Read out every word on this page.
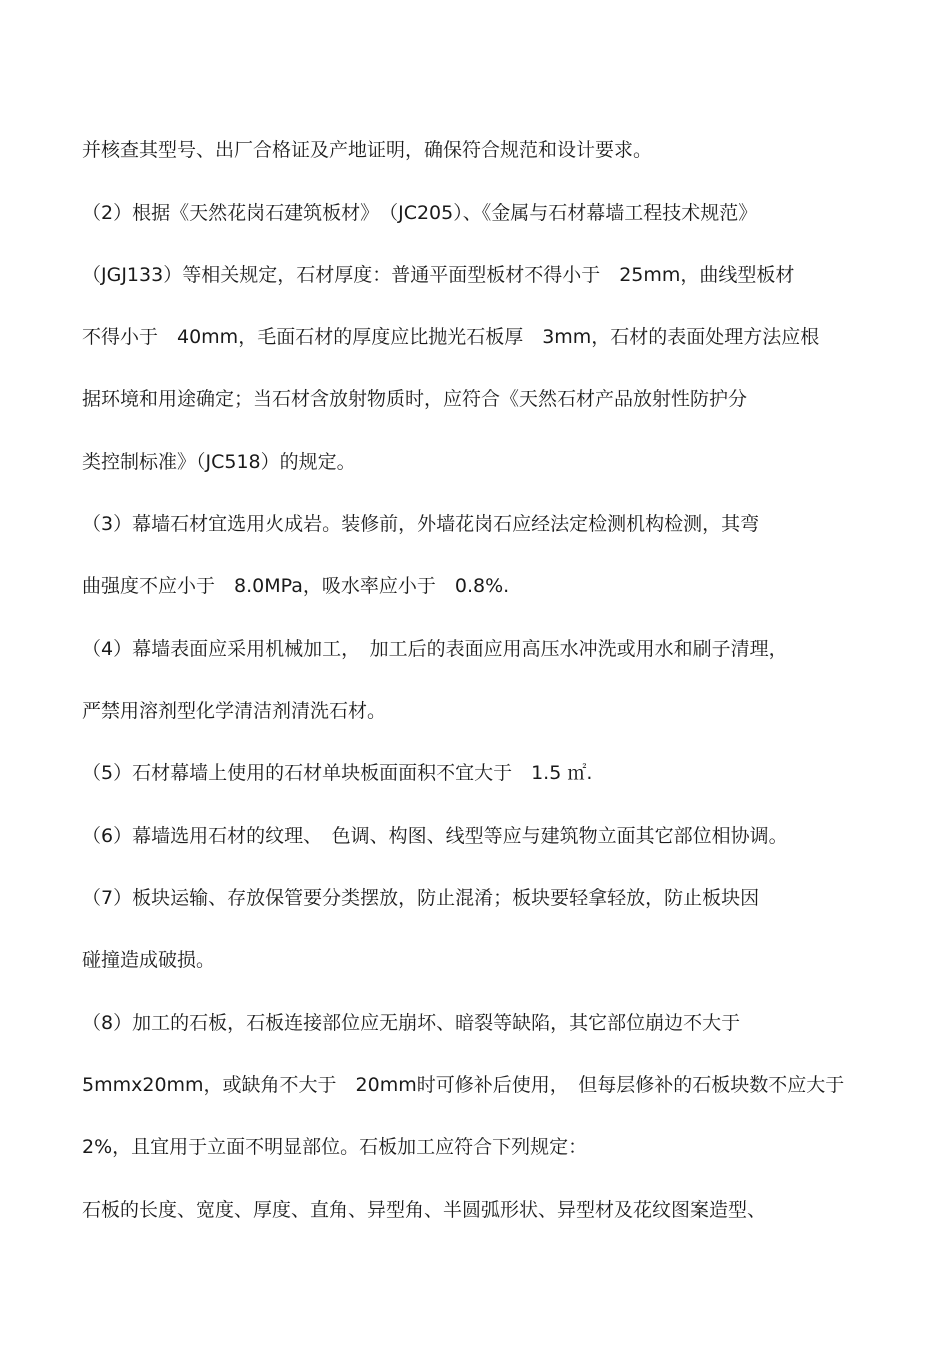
并核查其型号、出厂合格证及产地证明，确保符合规范和设计要求。
（2）根据《天然花岗石建筑板材》　（JC205）、《金属与石材幕墙工程技术规范》
（JGJ133）等相关规定，石材厚度：普通平面型板材不得小于　25mm，曲线型板材
不得小于　40mm，毛面石材的厚度应比抛光石板厚　3mm，石材的表面处理方法应根
据环境和用途确定；当石材含放射物质时，应符合《天然石材产品放射性防护分
类控制标准》（JC518）的规定。
（3）幕墙石材宜选用火成岩。装修前，外墙花岗石应经法定检测机构检测，其弯
曲强度不应小于　8.0MPa，吸水率应小于　0.8%.
（4）幕墙表面应采用机械加工，　加工后的表面应用高压水冲洗或用水和刷子清理，
严禁用溶剂型化学清洁剂清洗石材。
（5）石材幕墙上使用的石材单块板面面积不宜大于　1.5 ㎡.
（6）幕墙选用石材的纹理、　色调、构图、线型等应与建筑物立面其它部位相协调。
（7）板块运输、存放保管要分类摆放，防止混淆；板块要轻拿轻放，防止板块因
碰撞造成破损。
（8）加工的石板，石板连接部位应无崩坏、暗裂等缺陷，其它部位崩边不大于
5mmx20mm，或缺角不大于　20mm时可修补后使用，　但每层修补的石板块数不应大于
2%，且宜用于立面不明显部位。石板加工应符合下列规定：
石板的长度、宽度、厚度、直角、异型角、半圆弧形状、异型材及花纹图案造型、
